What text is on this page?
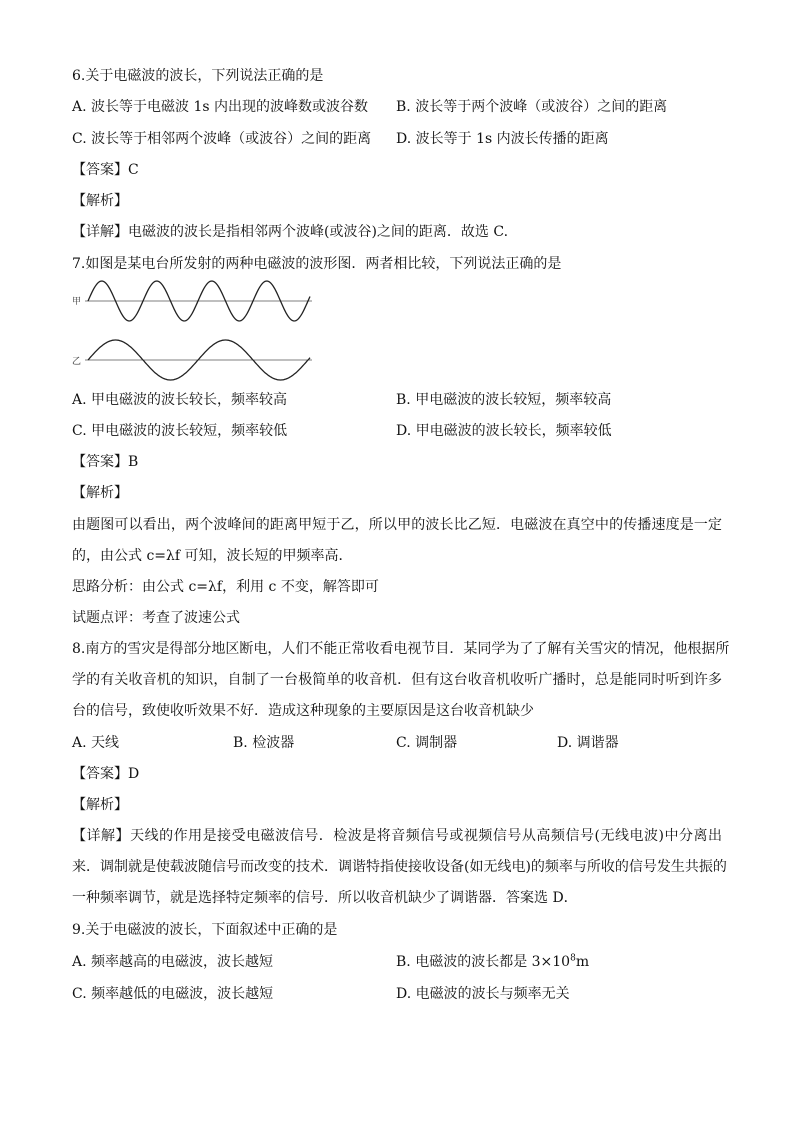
6.关于电磁波的波长，下列说法正确的是
A. 波长等于电磁波 1s 内出现的波峰数或波谷数 B. 波长等于两个波峰（或波谷）之间的距离
C. 波长等于相邻两个波峰（或波谷）之间的距离 D. 波长等于 1s 内波长传播的距离
【答案】C
【解析】
【详解】电磁波的波长是指相邻两个波峰(或波谷)之间的距离．故选 C.
7.如图是某电台所发射的两种电磁波的波形图．两者相比较，下列说法正确的是
甲
乙
A. 甲电磁波的波长较长，频率较高	B. 甲电磁波的波长较短，频率较高
C. 甲电磁波的波长较短，频率较低	D. 甲电磁波的波长较长，频率较低
【答案】B
【解析】
由题图可以看出，两个波峰间的距离甲短于乙，所以甲的波长比乙短．电磁波在真空中的传播速度是一定
的，由公式 c=λf 可知，波长短的甲频率高．
思路分析：由公式 c=λf，利用 c 不变，解答即可
试题点评：考查了波速公式
8.南方的雪灾是得部分地区断电，人们不能正常收看电视节目．某同学为了了解有关雪灾的情况，他根据所
学的有关收音机的知识，自制了一台极简单的收音机．但有这台收音机收听广播时，总是能同时听到许多
台的信号，致使收听效果不好．造成这种现象的主要原因是这台收音机缺少
A. 天线	B. 检波器	C. 调制器	D. 调谐器
【答案】D
【解析】
【详解】天线的作用是接受电磁波信号．检波是将音频信号或视频信号从高频信号(无线电波)中分离出
来．调制就是使载波随信号而改变的技术．调谐特指使接收设备(如无线电)的频率与所收的信号发生共振的
一种频率调节，就是选择特定频率的信号．所以收音机缺少了调谐器．答案选 D．
9.关于电磁波的波长，下面叙述中正确的是
A. 频率越高的电磁波，波长越短	B. 电磁波的波长都是 $3\times 10^8m$
C. 频率越低的电磁波，波长越短	D. 电磁波的波长与频率无关
